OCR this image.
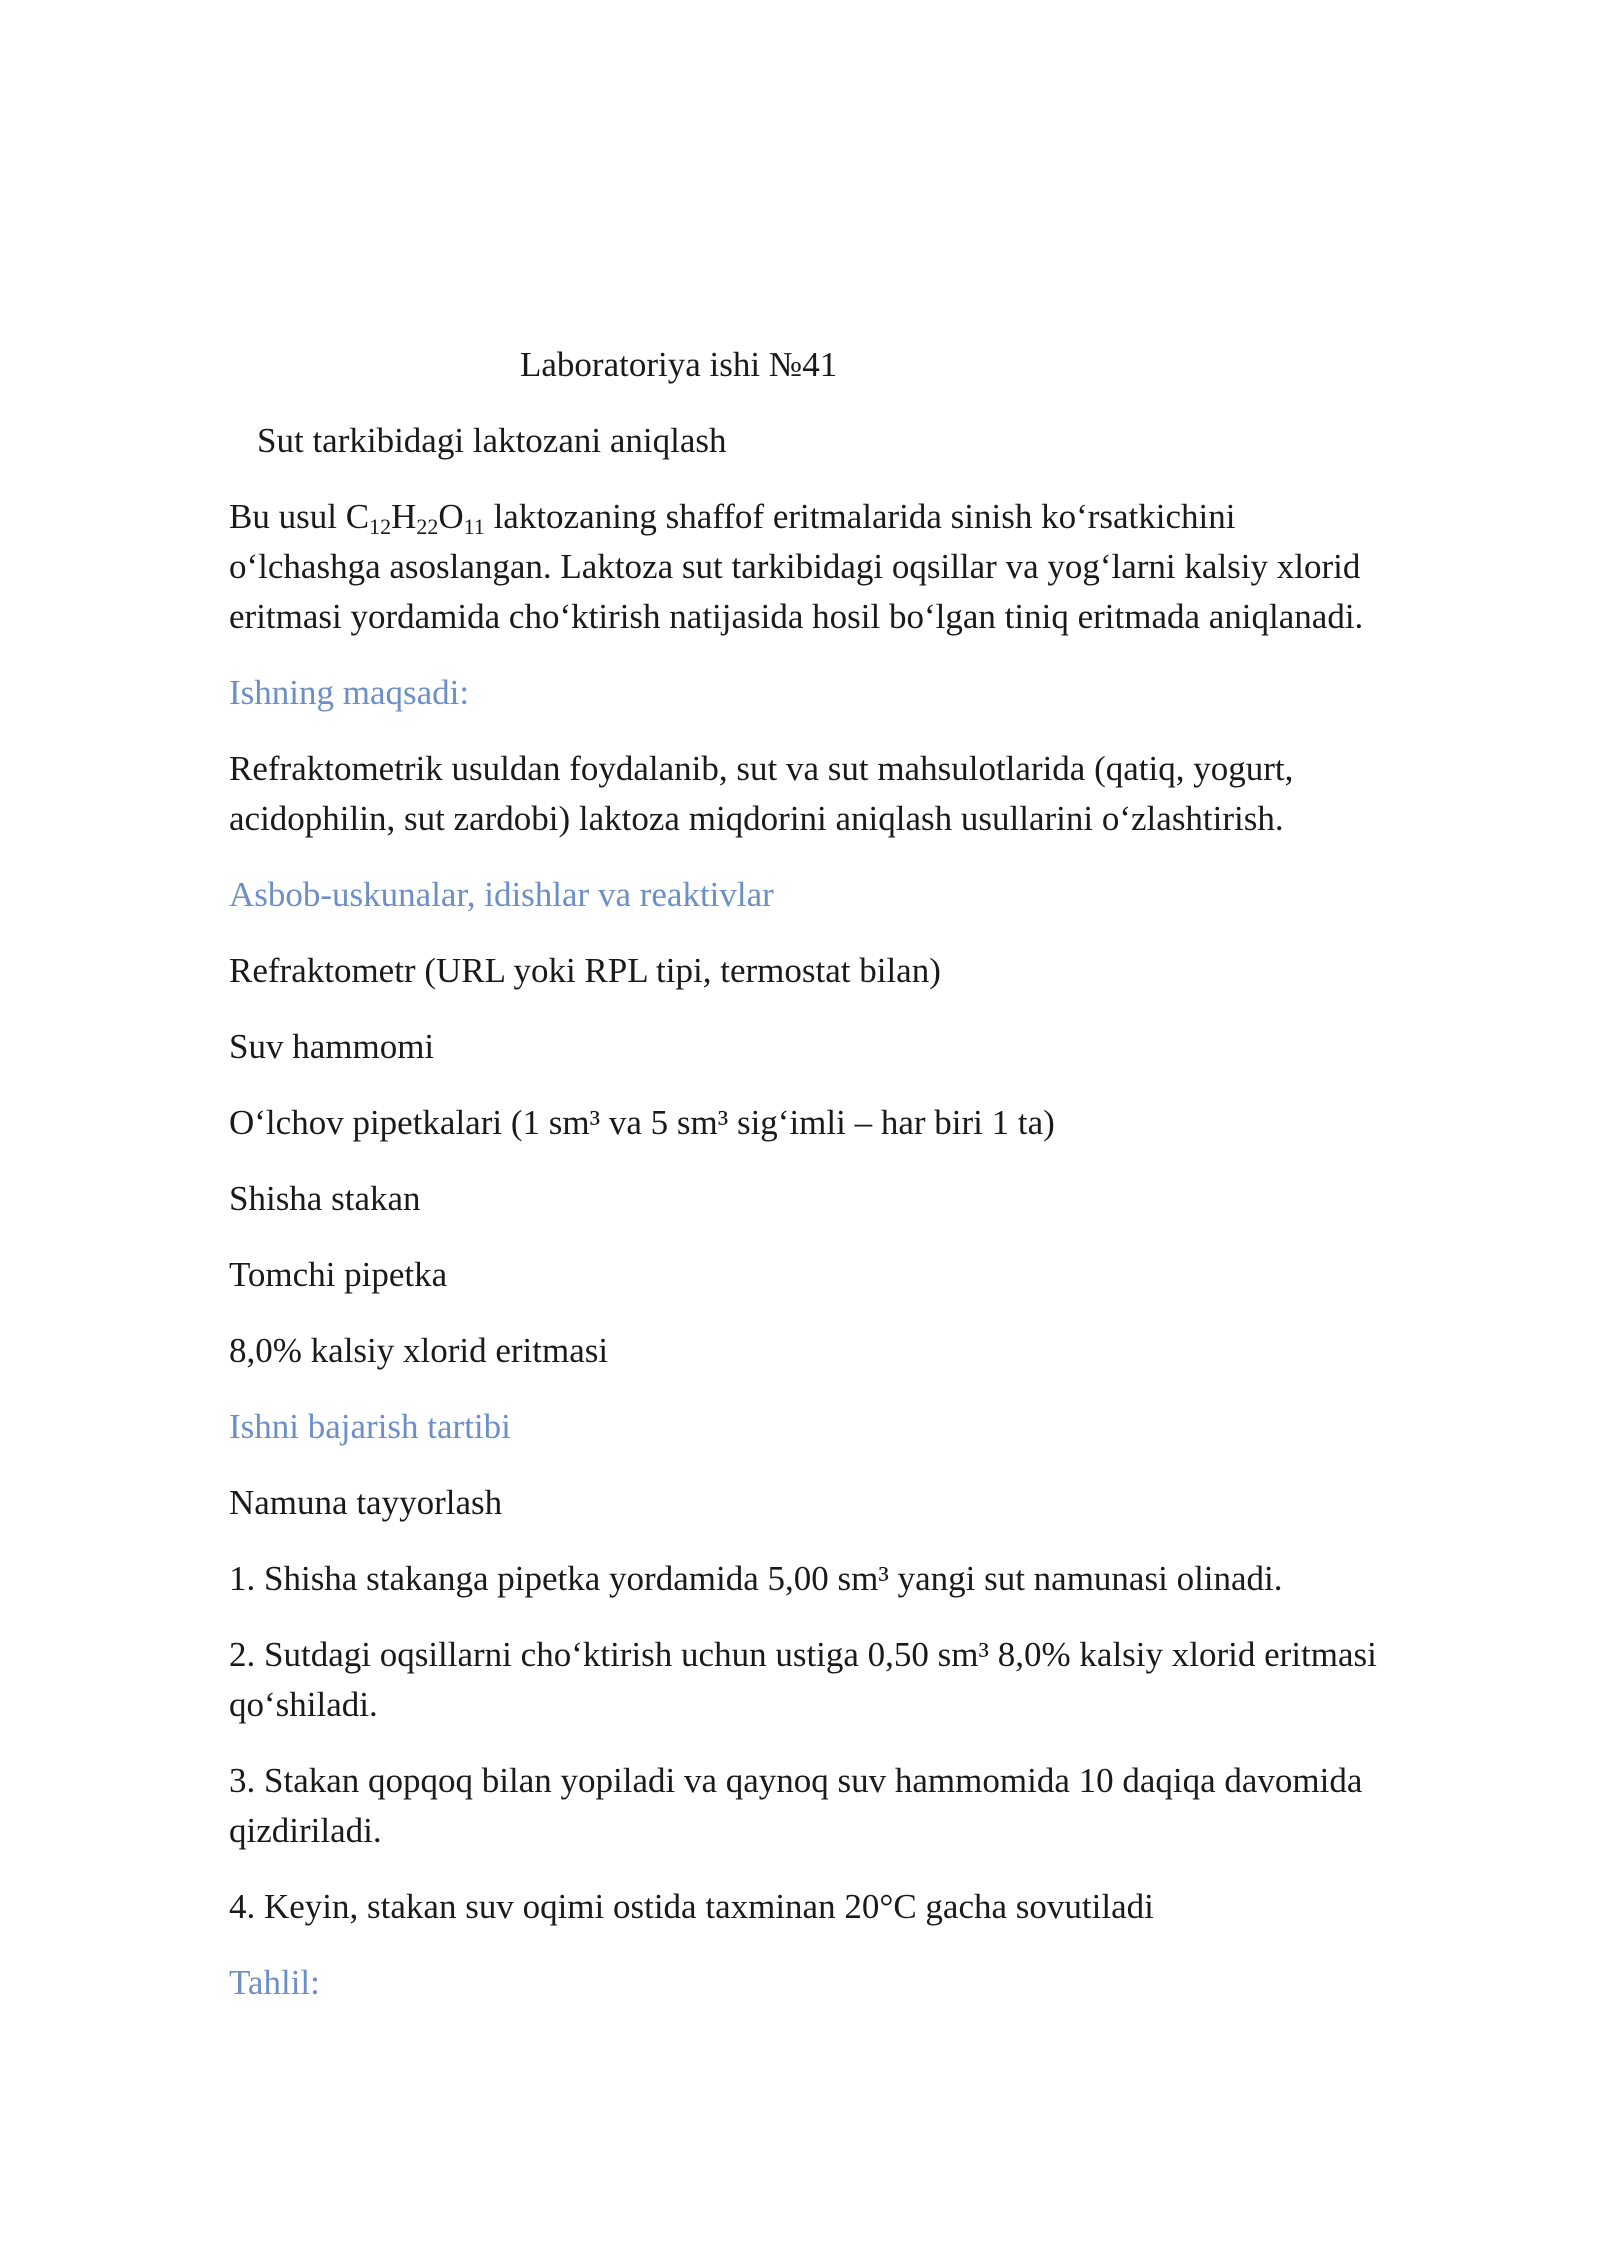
Laboratoriya ishi №41

Sut tarkibidagi laktozani aniqlash

Bu usul $C_{12}H_{22}O_{11}$ laktozaning shaffof eritmalarida sinish ko‘rsatkichini

o‘lchashga asoslangan. Laktoza sut tarkibidagi oqsillar va yog‘larni kalsiy xlorid

eritmasi yordamida cho‘ktirish natijasida hosil bo‘lgan tiniq eritmada aniqlanadi.

Ishning maqsadi:

Refraktometrik usuldan foydalanib, sut va sut mahsulotlarida (qatiq, yogurt,

acidophilin, sut zardobi) laktoza miqdorini aniqlash usullarini o‘zlashtirish.

Asbob-uskunalar, idishlar va reaktivlar

Refraktometr (URL yoki RPL tipi, termostat bilan)

Suv hammomi

O‘lchov pipetkalari (1 sm³ va 5 sm³ sig‘imli – har biri 1 ta)

Shisha stakan

Tomchi pipetka

8,0% kalsiy xlorid eritmasi

Ishni bajarish tartibi

Namuna tayyorlash

1. Shisha stakanga pipetka yordamida 5,00 sm³ yangi sut namunasi olinadi.

2. Sutdagi oqsillarni cho‘ktirish uchun ustiga 0,50 sm³ 8,0% kalsiy xlorid eritmasi

qo‘shiladi.

3. Stakan qopqoq bilan yopiladi va qaynoq suv hammomida 10 daqiqa davomida

qizdiriladi.

4. Keyin, stakan suv oqimi ostida taxminan 20°C gacha sovutiladi

Tahlil:
